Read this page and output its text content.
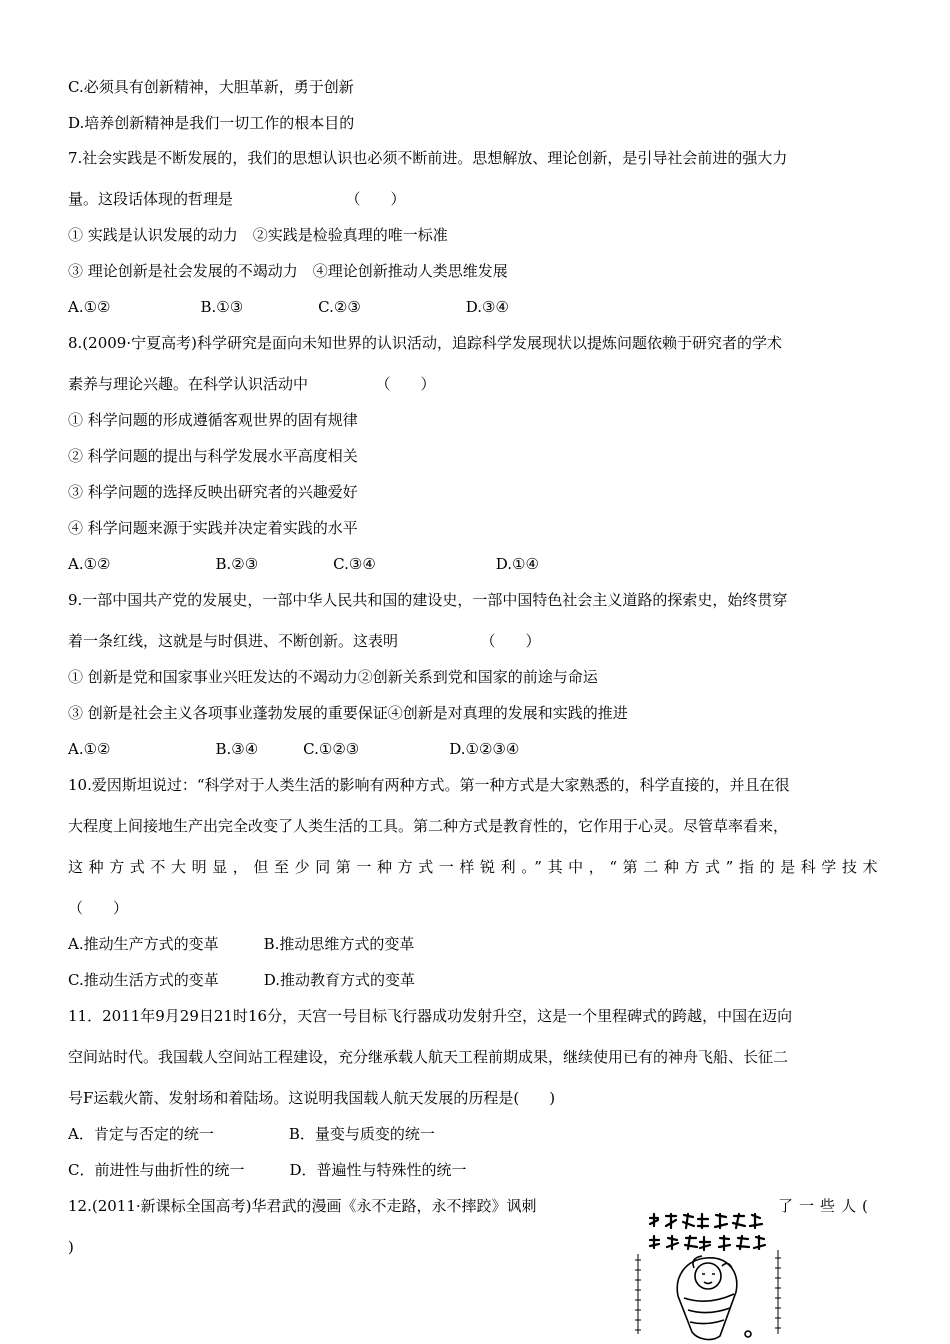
C.必须具有创新精神，大胆革新，勇于创新
D.培养创新精神是我们一切工作的根本目的
7.社会实践是不断发展的，我们的思想认识也必须不断前进。思想解放、理论创新，是引导社会前进的强大力
量。这段话体现的哲理是　　　　　　　　（　　）
① 实践是认识发展的动力　②实践是检验真理的唯一标准
③ 理论创新是社会发展的不竭动力　④理论创新推动人类思维发展
A.①②　　　　　　B.①③　　　　　C.②③　　　　　　　D.③④
8.(2009·宁夏高考)科学研究是面向未知世界的认识活动，追踪科学发展现状以提炼问题依赖于研究者的学术
素养与理论兴趣。在科学认识活动中　　　　　（　　）
① 科学问题的形成遵循客观世界的固有规律
② 科学问题的提出与科学发展水平高度相关
③ 科学问题的选择反映出研究者的兴趣爱好
④ 科学问题来源于实践并决定着实践的水平
A.①②　　　　　　　B.②③　　　　　C.③④　　　　　　　　D.①④
9.一部中国共产党的发展史，一部中华人民共和国的建设史，一部中国特色社会主义道路的探索史，始终贯穿
着一条红线，这就是与时俱进、不断创新。这表明　　　　　　（　　）
① 创新是党和国家事业兴旺发达的不竭动力②创新关系到党和国家的前途与命运
③ 创新是社会主义各项事业蓬勃发展的重要保证④创新是对真理的发展和实践的推进
A.①②　　　　　　　B.③④　　　C.①②③　　　　　　D.①②③④
10.爱因斯坦说过：“科学对于人类生活的影响有两种方式。第一种方式是大家熟悉的，科学直接的，并且在很
大程度上间接地生产出完全改变了人类生活的工具。第二种方式是教育性的，它作用于心灵。尽管草率看来，
这种方式不大明显，但至少同第一种方式一样锐利。”其中，“第二种方式”指的是科学技术
（　　）
A.推动生产方式的变革　　　B.推动思维方式的变革
C.推动生活方式的变革　　　D.推动教育方式的变革
11．2011年9月29日21时16分，天宫一号目标飞行器成功发射升空，这是一个里程碑式的跨越，中国在迈向
空间站时代。我国载人空间站工程建设，充分继承载人航天工程前期成果，继续使用已有的神舟飞船、长征二
号F运载火箭、发射场和着陆场。这说明我国载人航天发展的历程是(　　)
A．肯定与否定的统一　　　　　B．量变与质变的统一
C．前进性与曲折性的统一　　　D．普遍性与特殊性的统一
12.(2011·新课标全国高考)华君武的漫画《永不走路，永不摔跤》讽刺	了一些人(
)
